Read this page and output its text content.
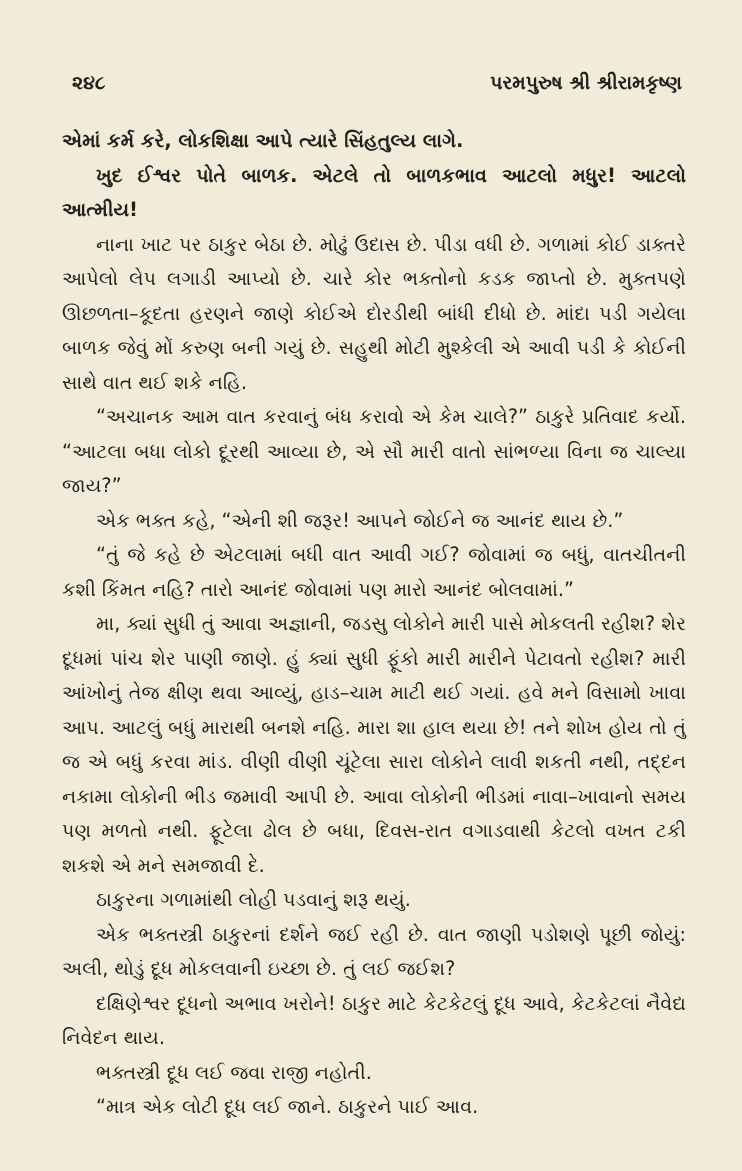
૨૪૮	પરમપુરુષ શ્રી શ્રીરામકૃષ્ણ

એમાં કર્મ કરે, લોકશિક્ષા આપે ત્યારે સિંહતુલ્ય લાગે.

ખુદ ઈશ્વર પોતે બાળક. એટલે તો બાળકભાવ આટલો મધુર! આટલો આત્મીય!

નાના ખાટ પર ઠાકુર બેઠા છે. મોઢું ઉદાસ છે. પીડા વધી છે. ગળામાં કોઈ ડાક્તરે આપેલો લેપ લગાડી આપ્યો છે. ચારે કોર ભક્તોનો કડક જાપ્તો છે. મુક્તપણે ઊછળતા–કૂદતા હરણને જાણે કોઈએ દોરડીથી બાંધી દીધો છે. માંદા પડી ગયેલા બાળક જેવું મોં કરુણ બની ગયું છે. સહુથી મોટી મુશ્કેલી એ આવી પડી કે કોઈની સાથે વાત થઈ શકે નહિ.

“અચાનક આમ વાત કરવાનું બંધ કરાવો એ કેમ ચાલે?” ઠાકુરે પ્રતિવાદ કર્યો. “આટલા બધા લોકો દૂરથી આવ્યા છે, એ સૌ મારી વાતો સાંભળ્યા વિના જ ચાલ્યા જાય?”

એક ભક્ત કહે, “એની શી જરૂર! આપને જોઈને જ આનંદ થાય છે.”

“તું જે કહે છે એટલામાં બધી વાત આવી ગઈ? જોવામાં જ બધું, વાતચીતની કશી કિંમત નહિ? તારો આનંદ જોવામાં પણ મારો આનંદ બોલવામાં.”

મા, ક્યાં સુધી તું આવા અજ્ઞાની, જડસુ લોકોને મારી પાસે મોકલતી રહીશ? શેર દૂધમાં પાંચ શેર પાણી જાણે. હું ક્યાં સુધી ફૂંકો મારી મારીને પેટાવતો રહીશ? મારી આંખોનું તેજ ક્ષીણ થવા આવ્યું, હાડ–ચામ માટી થઈ ગયાં. હવે મને વિસામો ખાવા આપ. આટલું બધું મારાથી બનશે નહિ. મારા શા હાલ થયા છે! તને શોખ હોય તો તું જ એ બધું કરવા માંડ. વીણી વીણી ચૂંટેલા સારા લોકોને લાવી શકતી નથી, તદ્દન નકામા લોકોની ભીડ જમાવી આપી છે. આવા લોકોની ભીડમાં નાવા–ખાવાનો સમય પણ મળતો નથી. ફૂટેલા ઢોલ છે બધા, દિવસ-રાત વગાડવાથી કેટલો વખત ટકી શકશે એ મને સમજાવી દે.

ઠાકુરના ગળામાંથી લોહી પડવાનું શરૂ થયું.

એક ભક્તસ્ત્રી ઠાકુરનાં દર્શને જઈ રહી છે. વાત જાણી પડોશણે પૂછી જોયું: અલી, થોડું દૂધ મોકલવાની ઇચ્છા છે. તું લઈ જઈશ?

દક્ષિણેશ્વર દૂધનો અભાવ ખરોને! ઠાકુર માટે કેટકેટલું દૂધ આવે, કેટકેટલાં નૈવેદ્ય નિવેદન થાય.

ભક્તસ્ત્રી દૂધ લઈ જવા રાજી નહોતી.

“માત્ર એક લોટી દૂધ લઈ જાને. ઠાકુરને પાઈ આવ.
